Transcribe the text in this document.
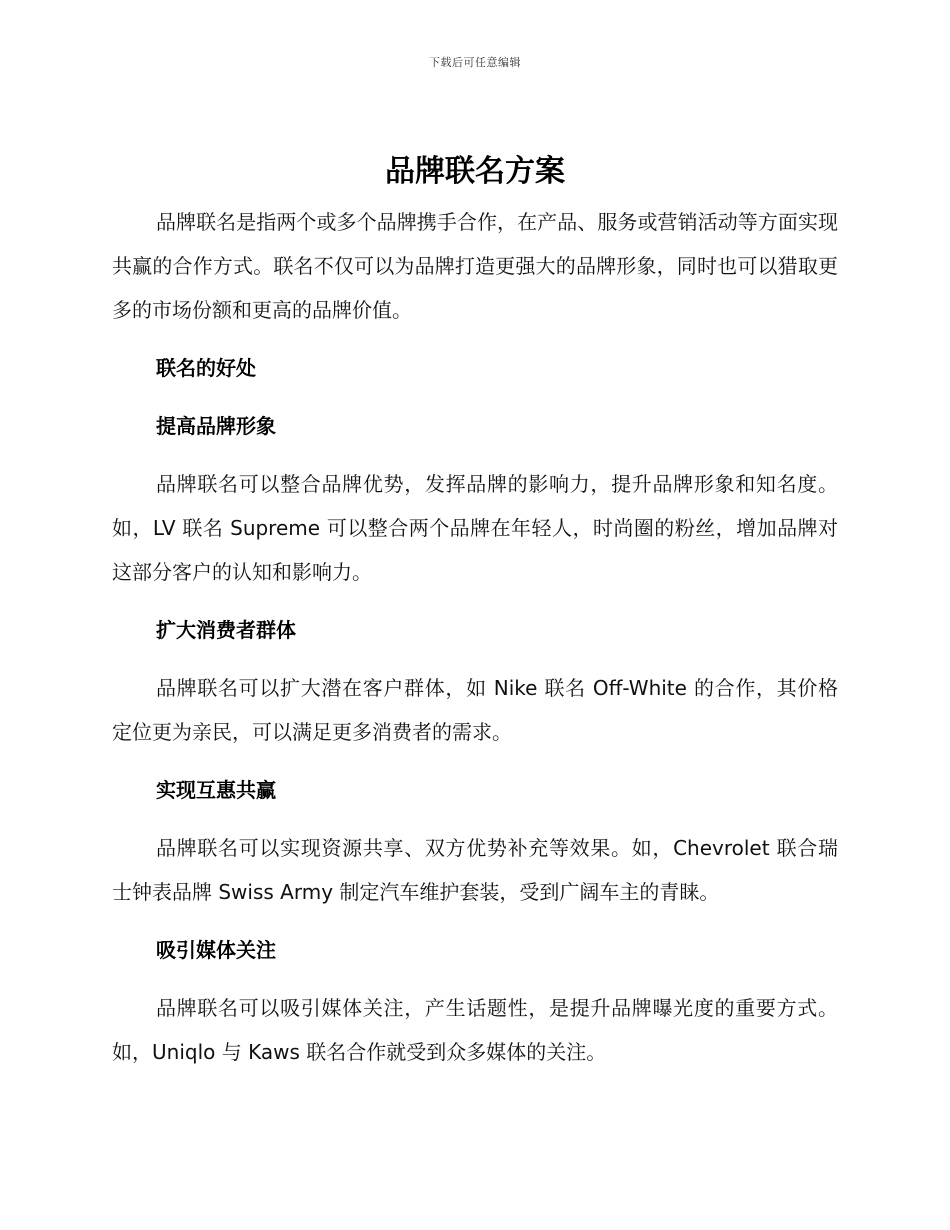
下载后可任意编辑
品牌联名方案

品牌联名是指两个或多个品牌携手合作，在产品、服务或营销活动等方面实现共赢的合作方式。联名不仅可以为品牌打造更强大的品牌形象，同时也可以猎取更多的市场份额和更高的品牌价值。

联名的好处
提高品牌形象

品牌联名可以整合品牌优势，发挥品牌的影响力，提升品牌形象和知名度。如，LV 联名 Supreme 可以整合两个品牌在年轻人，时尚圈的粉丝，增加品牌对这部分客户的认知和影响力。

扩大消费者群体

品牌联名可以扩大潜在客户群体，如 Nike 联名 Off-White 的合作，其价格定位更为亲民，可以满足更多消费者的需求。

实现互惠共赢

品牌联名可以实现资源共享、双方优势补充等效果。如，Chevrolet 联合瑞士钟表品牌 Swiss Army 制定汽车维护套装，受到广阔车主的青睐。

吸引媒体关注

品牌联名可以吸引媒体关注，产生话题性，是提升品牌曝光度的重要方式。如，Uniqlo 与 Kaws 联名合作就受到众多媒体的关注。
